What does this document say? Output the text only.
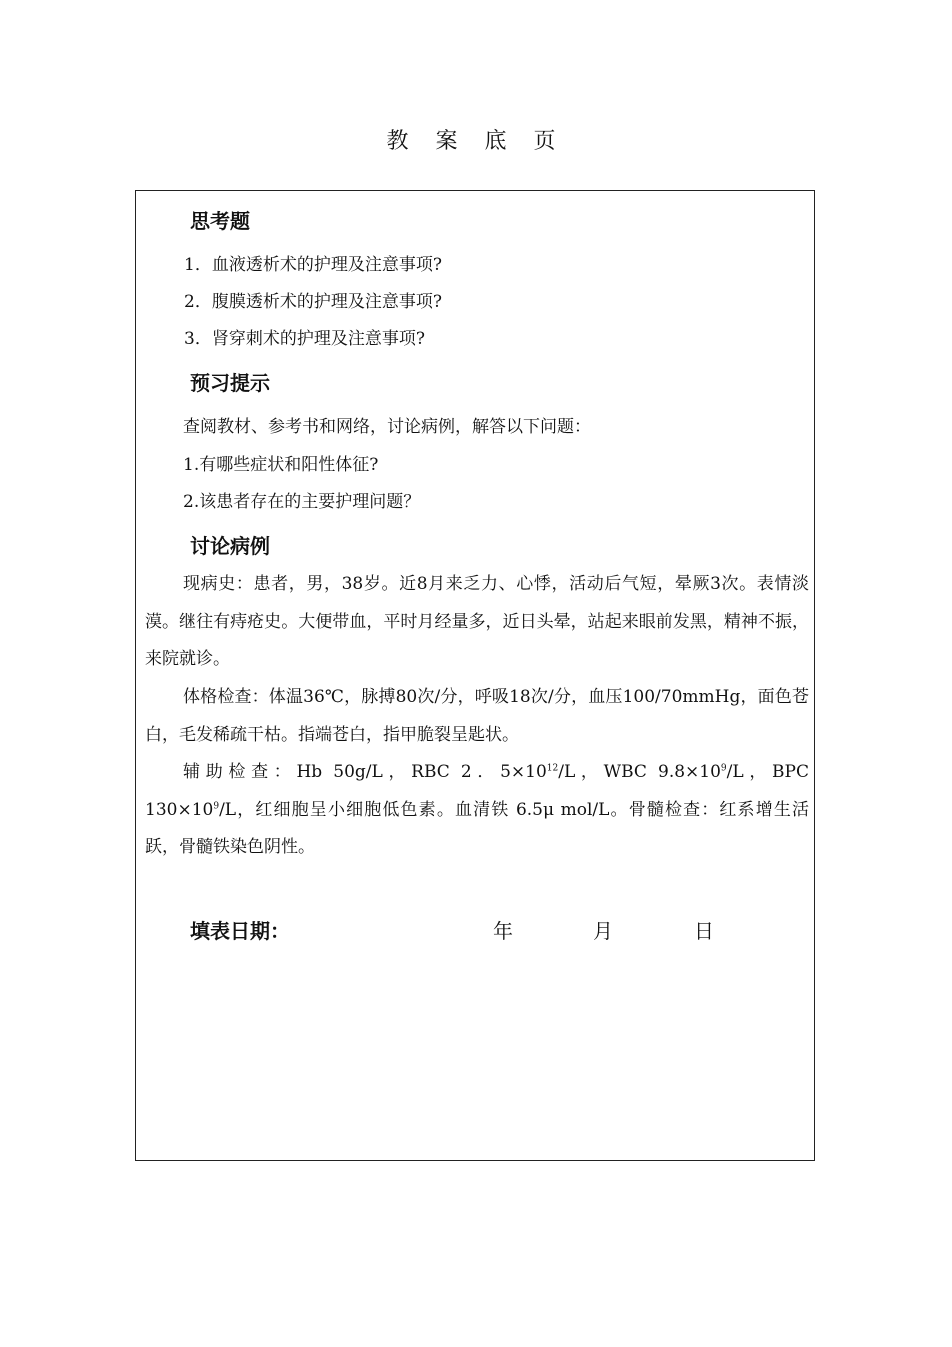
教 案 底 页
思考题
1．血液透析术的护理及注意事项?
2．腹膜透析术的护理及注意事项?
3．肾穿刺术的护理及注意事项?
预习提示
查阅教材、参考书和网络，讨论病例，解答以下问题：
1.有哪些症状和阳性体征?
2.该患者存在的主要护理问题？
讨论病例
现病史：患者，男，38岁。近8月来乏力、心悸，活动后气短，晕厥3次。表情淡漠。继往有痔疮史。大便带血，平时月经量多，近日头晕，站起来眼前发黑，精神不振，来院就诊。
体格检查：体温36℃，脉搏80次/分，呼吸18次/分，血压100/70mmHg，面色苍白，毛发稀疏干枯。指端苍白，指甲脆裂呈匙状。
辅助检查：Hb 50g/L，RBC 2．$5\times 10^{12}/L$，WBC $9.8\times 10^9/L$，BPC $130\times 10^9/L$，红细胞呈小细胞低色素。血清铁 6.5μ mol/L。骨髓检查：红系增生活跃，骨髓铁染色阴性。
填表日期：	年	月	日
